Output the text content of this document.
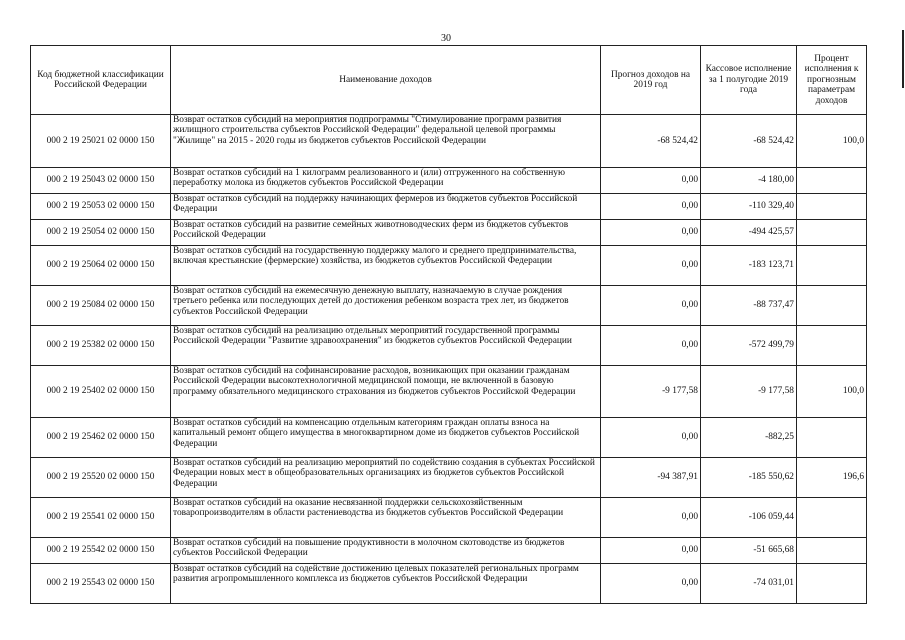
30
Код бюджетной классификации Российской Федерации	Наименование доходов	Прогноз доходов на 2019 год	Кассовое исполнение за 1 полугодие 2019 года	Процент исполнения к прогнозным параметрам доходов
000 2 19 25021 02 0000 150	Возврат остатков субсидий на мероприятия подпрограммы "Стимулирование программ развития жилищного строительства субъектов Российской Федерации" федеральной целевой программы "Жилище" на 2015 - 2020 годы из бюджетов субъектов Российской Федерации	-68 524,42	-68 524,42	100,0
000 2 19 25043 02 0000 150	Возврат остатков субсидий на 1 килограмм реализованного и (или) отгруженного на собственную переработку молока из бюджетов субъектов Российской Федерации	0,00	-4 180,00	
000 2 19 25053 02 0000 150	Возврат остатков субсидий на поддержку начинающих фермеров из бюджетов субъектов Российской Федерации	0,00	-110 329,40	
000 2 19 25054 02 0000 150	Возврат остатков субсидий на развитие семейных животноводческих ферм из бюджетов субъектов Российской Федерации	0,00	-494 425,57	
000 2 19 25064 02 0000 150	Возврат остатков субсидий на государственную поддержку малого и среднего предпринимательства, включая крестьянские (фермерские) хозяйства, из бюджетов субъектов Российской Федерации	0,00	-183 123,71	
000 2 19 25084 02 0000 150	Возврат остатков субсидий на ежемесячную денежную выплату, назначаемую в случае рождения третьего ребенка или последующих детей до достижения ребенком возраста трех лет, из бюджетов субъектов Российской Федерации	0,00	-88 737,47	
000 2 19 25382 02 0000 150	Возврат остатков субсидий на реализацию отдельных мероприятий государственной программы Российской Федерации "Развитие здравоохранения" из бюджетов субъектов Российской Федерации	0,00	-572 499,79	
000 2 19 25402 02 0000 150	Возврат остатков субсидий на софинансирование расходов, возникающих при оказании гражданам Российской Федерации высокотехнологичной медицинской помощи, не включенной в базовую программу обязательного медицинского страхования из бюджетов субъектов Российской Федерации	-9 177,58	-9 177,58	100,0
000 2 19 25462 02 0000 150	Возврат остатков субсидий на компенсацию отдельным категориям граждан оплаты взноса на капитальный ремонт общего имущества в многоквартирном доме из бюджетов субъектов Российской Федерации	0,00	-882,25	
000 2 19 25520 02 0000 150	Возврат остатков субсидий на реализацию мероприятий по содействию создания в субъектах Российской Федерации новых мест в общеобразовательных организациях из бюджетов субъектов Российской Федерации	-94 387,91	-185 550,62	196,6
000 2 19 25541 02 0000 150	Возврат остатков субсидий на оказание несвязанной поддержки сельскохозяйственным товаропроизводителям в области растениеводства из бюджетов субъектов Российской Федерации	0,00	-106 059,44	
000 2 19 25542 02 0000 150	Возврат остатков субсидий на повышение продуктивности в молочном скотоводстве из бюджетов субъектов Российской Федерации	0,00	-51 665,68	
000 2 19 25543 02 0000 150	Возврат остатков субсидий на содействие достижению целевых показателей региональных программ развития агропромышленного комплекса из бюджетов субъектов Российской Федерации	0,00	-74 031,01	
